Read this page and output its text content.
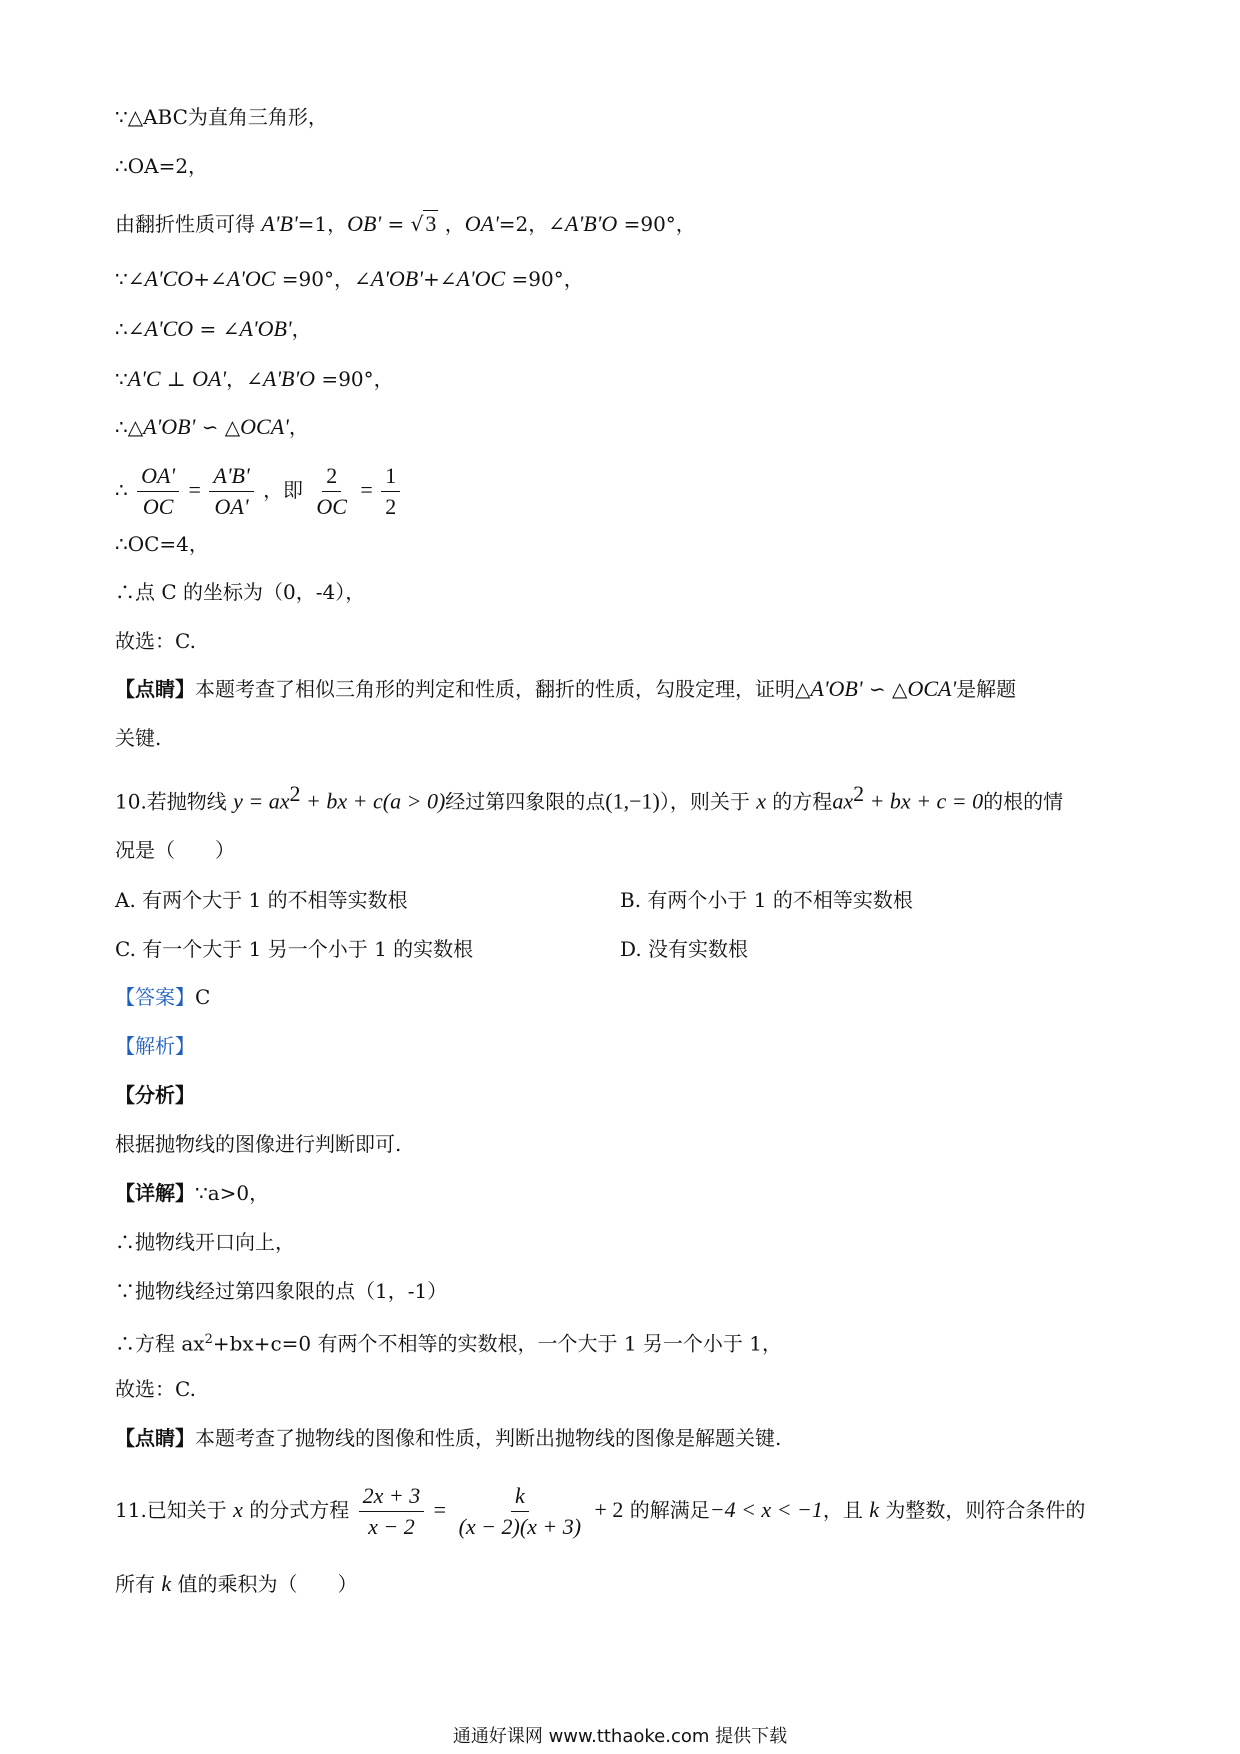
∵△ABC为直角三角形，
∴OA=2，
由翻折性质可得 A'B'=1，OB' = √3 ，OA'=2，∠A'B'O =90°，
∵∠A'CO+∠A'OC =90°，∠A'OB'+∠A'OC =90°，
∴∠A'CO = ∠A'OB'，
∵A'C ⊥ OA'，∠A'B'O =90°，
∴△A'OB' ∽ △OCA'，
∴ $\frac{OA'}{OC} = \frac{A'B'}{OA'}$ ，即 $\frac{2}{OC} = \frac{1}{2}$
∴OC=4，
∴点 C 的坐标为（0，-4），
故选：C.
【点睛】本题考查了相似三角形的判定和性质，翻折的性质，勾股定理，证明△A'OB' ∽ △OCA'是解题
关键.
10.若抛物线 $y = ax^2$ + bx + c(a > 0)经过第四象限的点(1,−1)），则关于 x 的方程$ax^2$ + bx + c = 0的根的情
况是（　　）
A. 有两个大于 1 的不相等实数根	B. 有两个小于 1 的不相等实数根
C. 有一个大于 1 另一个小于 1 的实数根	D. 没有实数根
【答案】C
【解析】
【分析】
根据抛物线的图像进行判断即可.
【详解】∵a>0，
∴抛物线开口向上，
∵抛物线经过第四象限的点（1，-1）
∴方程 $ax^2+bx+c=0$ 有两个不相等的实数根，一个大于 1 另一个小于 1，
故选：C.
【点睛】本题考查了抛物线的图像和性质，判断出抛物线的图像是解题关键.
11.已知关于 x 的分式方程 $\frac{2x + 3}{x - 2} = \frac{k}{(x - 2)(x + 3)} + 2$ 的解满足−4 < x < −1，且 k 为整数，则符合条件的
所有 k 值的乘积为（　　）
通通好课网 www.tthaoke.com 提供下载
